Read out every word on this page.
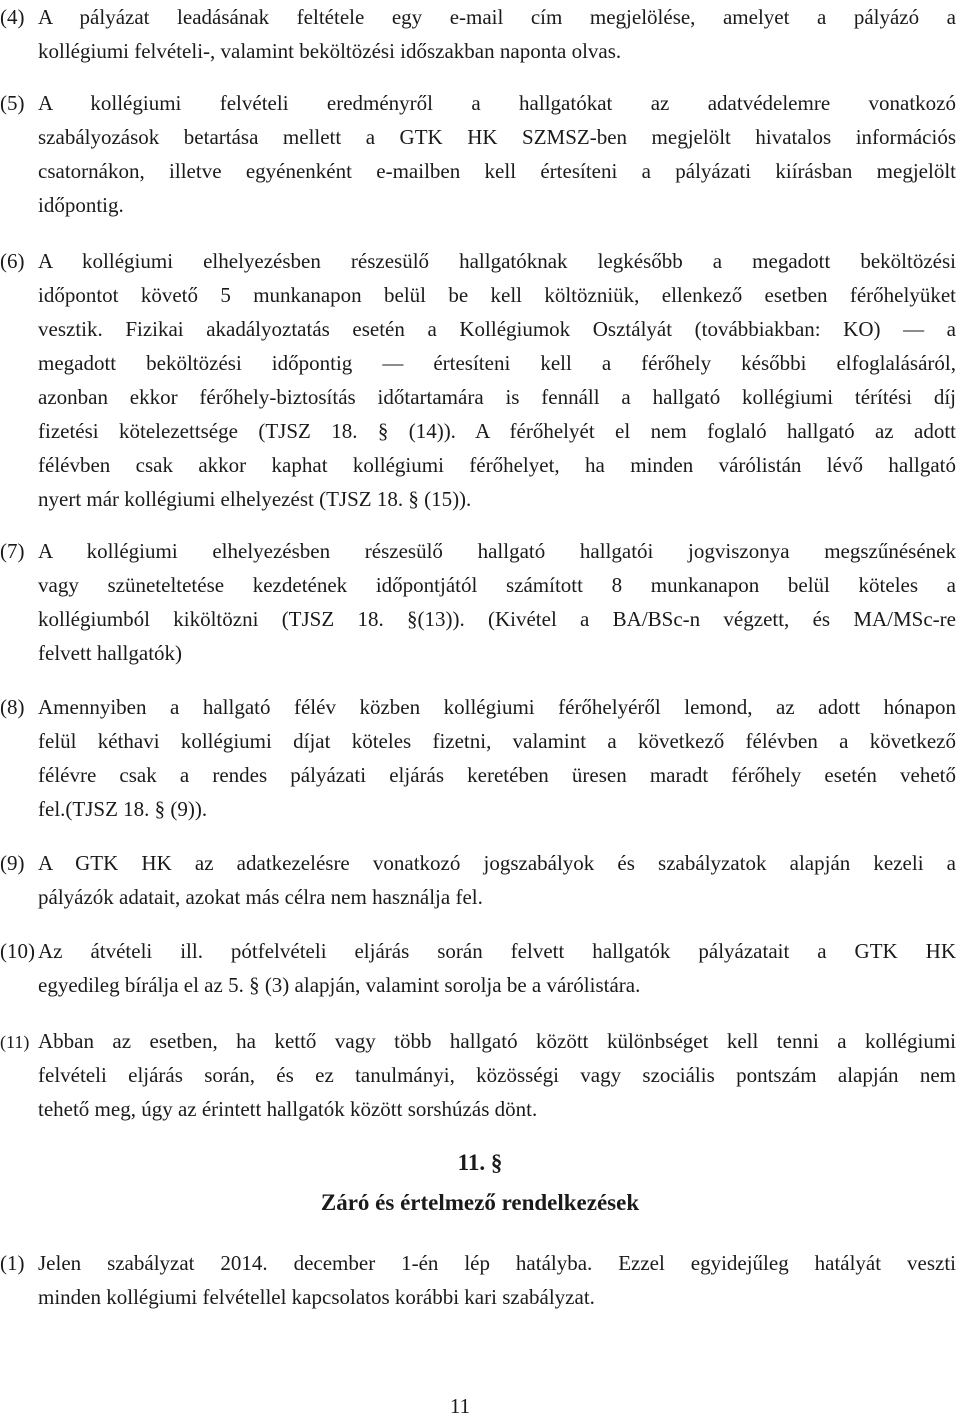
(4) A pályázat leadásának feltétele egy e-mail cím megjelölése, amelyet a pályázó a
kollégiumi felvételi-, valamint beköltözési időszakban naponta olvas.
(5) A kollégiumi felvételi eredményről a hallgatókat az adatvédelemre vonatkozó
szabályozások betartása mellett a GTK HK SZMSZ-ben megjelölt hivatalos információs
csatornákon, illetve egyénenként e-mailben kell értesíteni a pályázati kiírásban megjelölt
időpontig.
(6) A kollégiumi elhelyezésben részesülő hallgatóknak legkésőbb a megadott beköltözési
időpontot követő 5 munkanapon belül be kell költözniük, ellenkező esetben férőhelyüket
vesztik. Fizikai akadályoztatás esetén a Kollégiumok Osztályát (továbbiakban: KO) ― a
megadott beköltözési időpontig ― értesíteni kell a férőhely későbbi elfoglalásáról,
azonban ekkor férőhely-biztosítás időtartamára is fennáll a hallgató kollégiumi térítési díj
fizetési kötelezettsége (TJSZ 18. § (14)). A férőhelyét el nem foglaló hallgató az adott
félévben csak akkor kaphat kollégiumi férőhelyet, ha minden várólistán lévő hallgató
nyert már kollégiumi elhelyezést (TJSZ 18. § (15)).
(7) A kollégiumi elhelyezésben részesülő hallgató hallgatói jogviszonya megszűnésének
vagy szüneteltetése kezdetének időpontjától számított 8 munkanapon belül köteles a
kollégiumból kiköltözni (TJSZ 18. §(13)). (Kivétel a BA/BSc-n végzett, és MA/MSc-re
felvett hallgatók)
(8) Amennyiben a hallgató félév közben kollégiumi férőhelyéről lemond, az adott hónapon
felül kéthavi kollégiumi díjat köteles fizetni, valamint a következő félévben a következő
félévre csak a rendes pályázati eljárás keretében üresen maradt férőhely esetén vehető
fel.(TJSZ 18. § (9)).
(9) A GTK HK az adatkezelésre vonatkozó jogszabályok és szabályzatok alapján kezeli a
pályázók adatait, azokat más célra nem használja fel.
(10) Az átvételi ill. pótfelvételi eljárás során felvett hallgatók pályázatait a GTK HK
egyedileg bírálja el az 5. § (3) alapján, valamint sorolja be a várólistára.
(11) Abban az esetben, ha kettő vagy több hallgató között különbséget kell tenni a kollégiumi
felvételi eljárás során, és ez tanulmányi, közösségi vagy szociális pontszám alapján nem
tehető meg, úgy az érintett hallgatók között sorshúzás dönt.
11. §
Záró és értelmező rendelkezések
(1) Jelen szabályzat 2014. december 1-én lép hatályba. Ezzel egyidejűleg hatályát veszti
minden kollégiumi felvétellel kapcsolatos korábbi kari szabályzat.
11
